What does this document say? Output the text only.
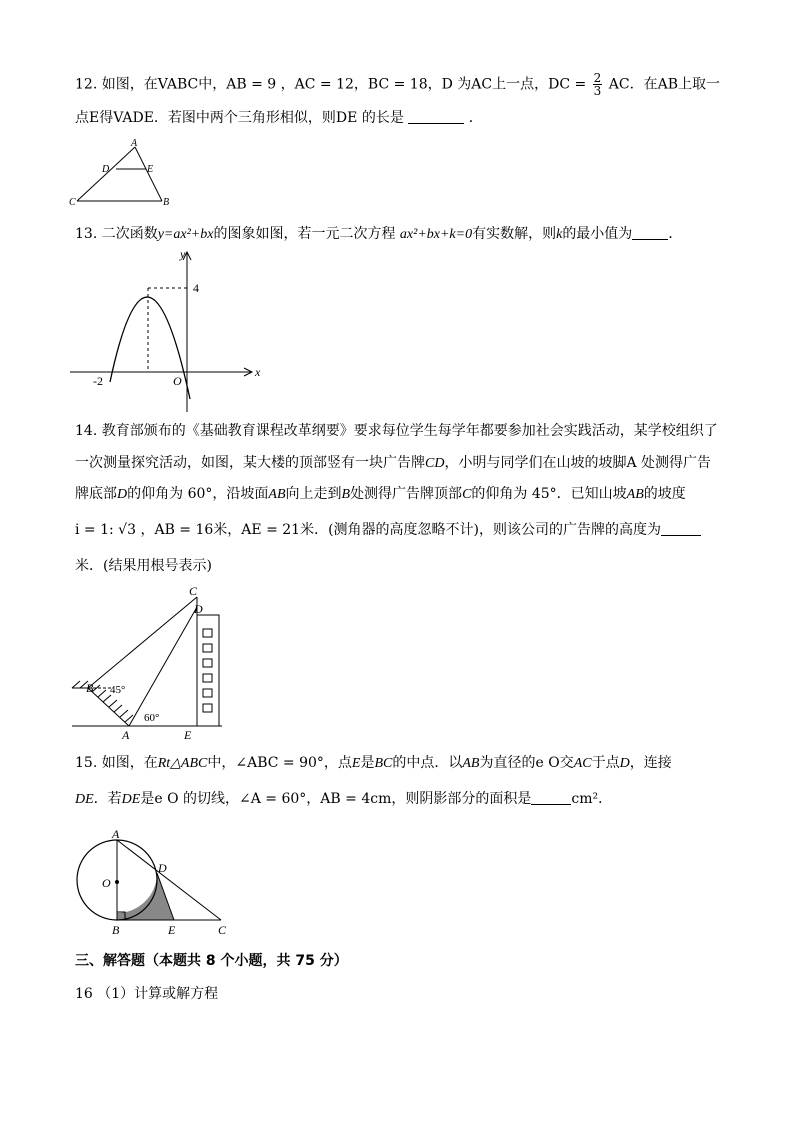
12. 如图，在VABC中，AB = 9 ，AC = 12，BC = 18，D 为AC上一点，DC = $\frac{2}{3}$ AC．在AB上取一
点E得VADE．若图中两个三角形相似，则DE 的长是	．
A
B
C
D	E
13. 二次函数y=ax²+bx的图象如图，若一元二次方程 ax²+bx+k=0有实数解，则k的最小值为	．
y
x
4
-2	O
14. 教育部颁布的《基础教育课程改革纲要》要求每位学生每学年都要参加社会实践活动，某学校组织了
一次测量探究活动，如图，某大楼的顶部竖有一块广告牌CD，小明与同学们在山坡的坡脚A 处测得广告
牌底部D的仰角为 60°，沿坡面AB向上走到B处测得广告牌顶部C的仰角为 45°．已知山坡AB的坡度
i = 1: √3 ，AB = 16米，AE = 21米．(测角器的高度忽略不计)，则该公司的广告牌的高度为
米．(结果用根号表示)
C
D
B
A	E
45°
60°
15. 如图，在Rt△ABC中，∠ABC = 90°，点E是BC的中点．以AB为直径的e O交AC于点D，连接
DE．若DE是e O 的切线，∠A = 60°，AB = 4cm，则阴影部分的面积是	cm²．
A
O
D
B	E	C
三、解答题（本题共 8 个小题，共 75 分）
16 （1）计算或解方程
